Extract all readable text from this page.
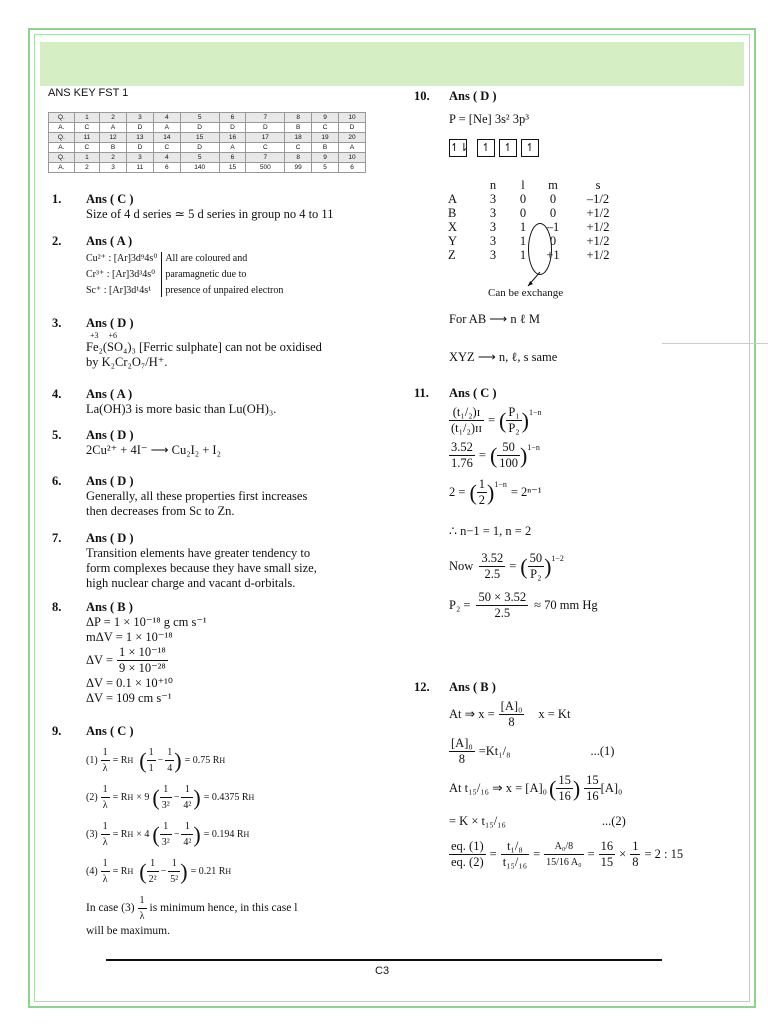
ANS KEY FST 1
Q.	1	2	3	4	5	6	7	8	9	10
A.	C	A	D	A	D	D	D	B	C	D
Q.	11	12	13	14	15	16	17	18	19	20
A.	C	B	D	C	D	A	C	C	B	A
Q.	1	2	3	4	5	6	7	8	9	10
A.	2	3	11	6	140	15	500	99	5	6
1. Ans ( C )
Size of 4 d series ≃ 5 d series in group no 4 to 11
2. Ans ( A )
Cu²⁺ : [Ar]3d⁹4s⁰
Cr³⁺ : [Ar]3d³4s⁰
Sc⁺ : [Ar]3d¹4s¹
All are coloured and
paramagnetic due to
presence of unpaired electron
3. Ans ( D )
+3     +6
Fe₂(SO₄)₃ [Ferric sulphate] can not be oxidised
by K₂Cr₂O₇/H⁺.
4. Ans ( A )
La(OH)3 is more basic than Lu(OH)₃.
5. Ans ( D )
2Cu²⁺ + 4I⁻ ⟶ Cu₂I₂ + I₂
6. Ans ( D )
Generally, all these properties first increases
then decreases from Sc to Zn.
7. Ans ( D )
Transition elements have greater tendency to
form complexes because they have small size,
high nuclear charge and vacant d-orbitals.
8. Ans ( B )
ΔP = 1 × 10⁻¹⁸ g cm s⁻¹
mΔV = 1 × 10⁻¹⁸
$\Delta V = \frac{\text{1 × 10⁻¹⁸}}{\text{9 × 10⁻²⁸}}$
ΔV = 0.1 × 10⁺¹⁰
ΔV = 109 cm s⁻¹
9. Ans ( C )
$(1) \frac{1}{\lambda} = R$ H ( $\frac{1}{1} - \frac{1}{4}$ ) = 0.75 R H
$(2) \frac{1}{\lambda} = R$ H × 9 ( $\frac{1}{\text{3²}} - \frac{1}{\text{4²}}$ ) = 0.4375 R H
$(3) \frac{1}{\lambda} = R$ H × 4 ( $\frac{1}{\text{3²}} - \frac{1}{\text{4²}}$ ) = 0.194 R H
$(4) \frac{1}{\lambda} = R$ H ( $\frac{1}{\text{2²}} - \frac{1}{\text{5²}}$ ) = 0.21 R H
In case $(3) \frac{1}{\lambda}$ is minimum hence, in this case l
will be maximum.
10. Ans ( D )
P = [Ne] 3s² 3p³
↿⇂	↿	↿	↿
	n	l	m	s
A	3	0	0	–1/2
B	3	0	0	+1/2
X	3	1	–1	+1/2
Y	3	1	0	+1/2
Z	3	1	+1	+1/2
Can be exchange
For AB ⟶ n ℓ M
XYZ ⟶ n, ℓ, s same
11. Ans ( C )
$\frac{\text{(t₁/₂)ɪ}}{\text{(t₁/₂)ɪɪ}}$ = ( $\frac{\text{P₁}}{\text{P₂}} )^{1-n}$
$\frac{3.52}{1.76}$ = ( $\frac{50}{100} )^{1-n}$
2 = ( $\frac{1}{2} )^{1-n}$
= 2ⁿ⁻¹
∴ n−1 = 1, n = 2
Now $\frac{3.52}{2.5}$ = ( $\frac{50}{\text{P₂}} )^{1-2}$
$P_2 = \frac{50 \times 3.52}{2.5} \approx 70$ mm Hg
12. Ans ( B )
At ⇒ $x = \frac{\text{[A]₀}}{8}$ x = Kt
$\frac{\text{[A]₀}}{8} =Kt_1/_8$	...(1)
At t₁₅/₁₆ ⇒ x = [A]₀ ( $\frac{15}{16}$ ) $\frac{15}{16} [A]_0$
= K × t₁₅/₁₆	...(2)
$\frac{eq. (1)}{eq. (2)} = \frac{\text{t₁/₈}}{\text{t₁₅/₁₆}} = \frac{\text{A₀/8}}{\text{15/16 A₀}} = \frac{16}{15} \times \frac{1}{8} = 2$ : 15
C3
